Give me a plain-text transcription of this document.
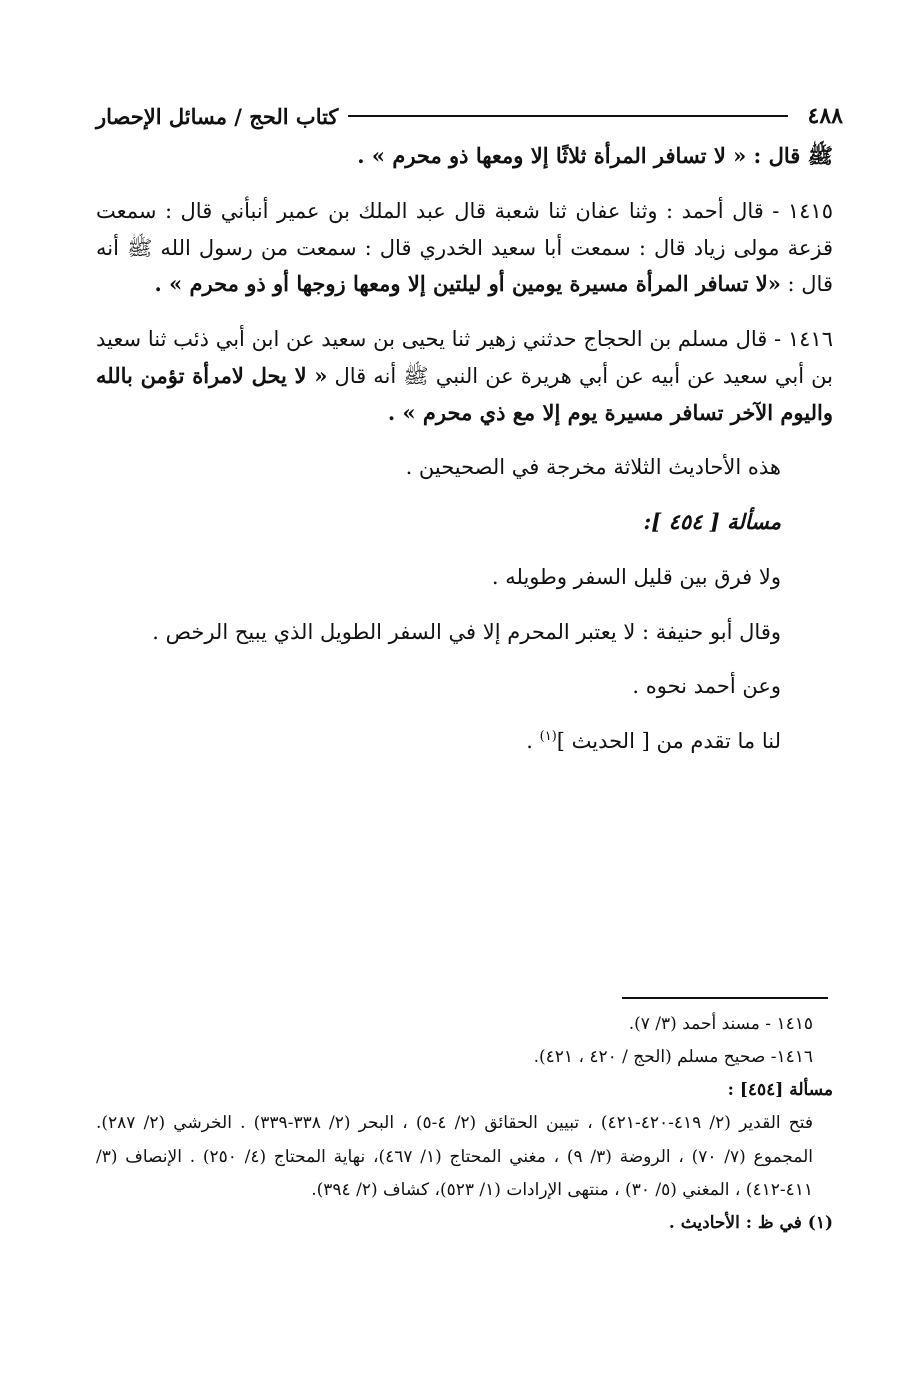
٤٨٨
كتاب الحج / مسائل الإحصار

ﷺ قال : « لا تسافر المرأة ثلاثًا إلا ومعها ذو محرم » .

١٤١٥ - قال أحمد : وثنا عفان ثنا شعبة قال عبد الملك بن عمير أنبأني قال : سمعت قزعة مولى زياد قال : سمعت أبا سعيد الخدري قال : سمعت من رسول الله ﷺ أنه قال : «لا تسافر المرأة مسيرة يومين أو ليلتين إلا ومعها زوجها أو ذو محرم » .

١٤١٦ - قال مسلم بن الحجاج حدثني زهير ثنا يحيى بن سعيد عن ابن أبي ذئب ثنا سعيد بن أبي سعيد عن أبيه عن أبي هريرة عن النبي ﷺ أنه قال « لا يحل لامرأة تؤمن بالله واليوم الآخر تسافر مسيرة يوم إلا مع ذي محرم » .

هذه الأحاديث الثلاثة مخرجة في الصحيحين .

مسألة [ ٤٥٤ ]:

ولا فرق بين قليل السفر وطويله .

وقال أبو حنيفة : لا يعتبر المحرم إلا في السفر الطويل الذي يبيح الرخص .

وعن أحمد نحوه .

لنا ما تقدم من [ الحديث ]$^{(١)}$ .

١٤١٥ - مسند أحمد (٣/ ٧).

١٤١٦- صحيح مسلم (الحج / ٤٢٠ ، ٤٢١).

مسألة [٤٥٤] :

فتح القدير (٢/ ٤١٩-٤٢٠-٤٢١) ، تبيين الحقائق (٢/ ٤-٥) ، البحر (٢/ ٣٣٨-٣٣٩) . الخرشي (٢/ ٢٨٧). المجموع (٧/ ٧٠) ، الروضة (٣/ ٩) ، مغني المحتاج (١/ ٤٦٧)، نهاية المحتاج (٤/ ٢٥٠) . الإنصاف (٣/ ٤١١-٤١٢) ، المغني (٥/ ٣٠) ، منتهى الإرادات (١/ ٥٢٣)، كشاف (٢/ ٣٩٤).

(١) في ظ : الأحاديث .
